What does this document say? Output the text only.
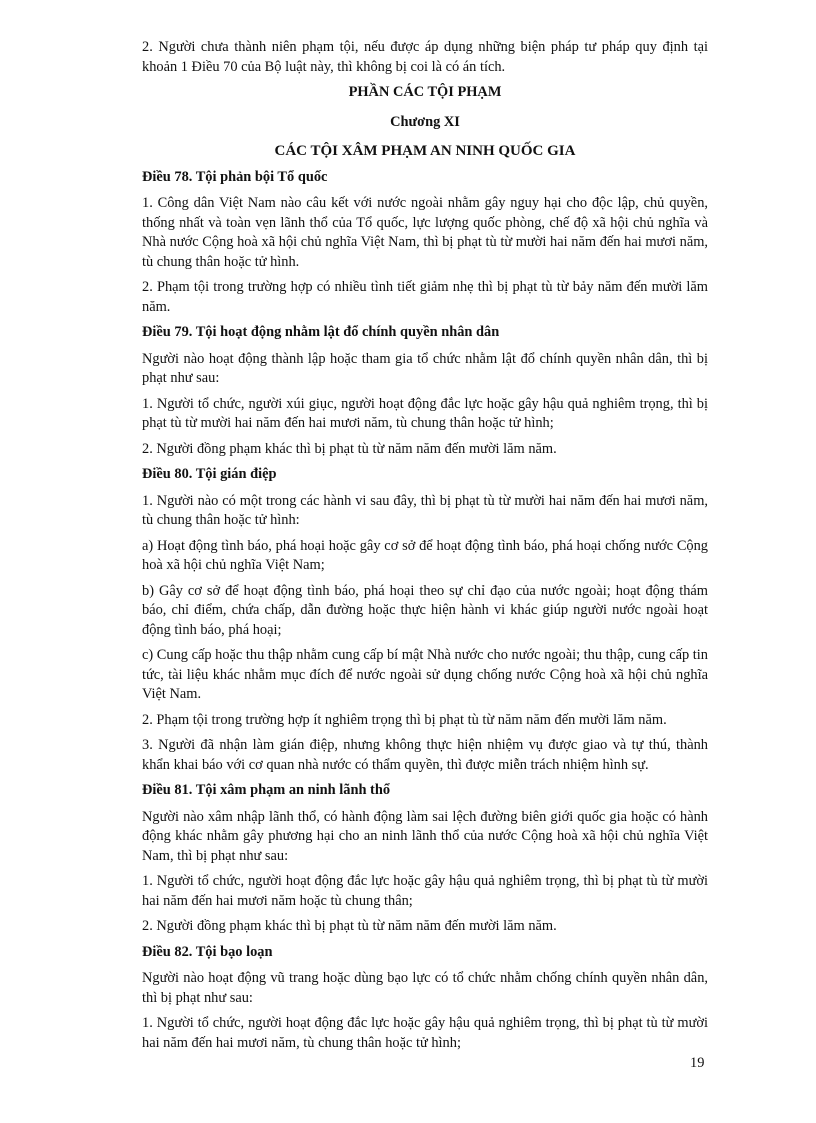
2. Người chưa thành niên phạm tội, nếu được áp dụng những biện pháp tư pháp quy định tại khoản 1 Điều 70 của Bộ luật này, thì không bị coi là có án tích.

PHẦN CÁC TỘI PHẠM

Chương XI

CÁC TỘI XÂM PHẠM AN NINH QUỐC GIA

Điều 78. Tội phản bội Tổ quốc

1. Công dân Việt Nam nào câu kết với nước ngoài nhằm gây nguy hại cho độc lập, chủ quyền, thống nhất và toàn vẹn lãnh thổ của Tổ quốc, lực lượng quốc phòng, chế độ xã hội chủ nghĩa và Nhà nước Cộng hoà xã hội chủ nghĩa Việt Nam, thì bị phạt tù từ mười hai năm đến hai mươi năm, tù chung thân hoặc tử hình.

2. Phạm tội trong trường hợp có nhiều tình tiết giảm nhẹ thì bị phạt tù từ bảy năm đến mười lăm năm.

Điều 79. Tội hoạt động nhằm lật đổ chính quyền nhân dân

Người nào hoạt động thành lập hoặc tham gia tổ chức nhằm lật đổ chính quyền nhân dân, thì bị phạt như sau:

1. Người tổ chức, người xúi giục, người hoạt động đắc lực hoặc gây hậu quả nghiêm trọng, thì bị phạt tù từ mười hai năm đến hai mươi năm, tù chung thân hoặc tử hình;

2. Người đồng phạm khác thì bị phạt tù từ năm năm đến mười lăm năm.

Điều 80. Tội gián điệp

1. Người nào có một trong các hành vi sau đây, thì bị phạt tù từ mười hai năm đến hai mươi năm, tù chung thân hoặc tử hình:

a) Hoạt động tình báo, phá hoại hoặc gây cơ sở để hoạt động tình báo, phá hoại chống nước Cộng hoà xã hội chủ nghĩa Việt Nam;

b) Gây cơ sở để hoạt động tình báo, phá hoại theo sự chỉ đạo của nước ngoài; hoạt động thám báo, chỉ điểm, chứa chấp, dẫn đường hoặc thực hiện hành vi khác giúp người nước ngoài hoạt động tình báo, phá hoại;

c) Cung cấp hoặc thu thập nhằm cung cấp bí mật Nhà nước cho nước ngoài; thu thập, cung cấp tin tức, tài liệu khác nhằm mục đích để nước ngoài sử dụng chống nước Cộng hoà xã hội chủ nghĩa Việt Nam.

2. Phạm tội trong trường hợp ít nghiêm trọng thì bị phạt tù từ năm năm đến mười lăm năm.

3. Người đã nhận làm gián điệp, nhưng không thực hiện nhiệm vụ được giao và tự thú, thành khẩn khai báo với cơ quan nhà nước có thẩm quyền, thì được miễn trách nhiệm hình sự.

Điều 81. Tội xâm phạm an ninh lãnh thổ

Người nào xâm nhập lãnh thổ, có hành động làm sai lệch đường biên giới quốc gia hoặc có hành động khác nhằm gây phương hại cho an ninh lãnh thổ của nước Cộng hoà xã hội chủ nghĩa Việt Nam, thì bị phạt như sau:

1. Người tổ chức, người hoạt động đắc lực hoặc gây hậu quả nghiêm trọng, thì bị phạt tù từ mười hai năm đến hai mươi năm hoặc tù chung thân;

2. Người đồng phạm khác thì bị phạt tù từ năm năm đến mười lăm năm.

Điều 82. Tội bạo loạn

Người nào hoạt động vũ trang hoặc dùng bạo lực có tổ chức nhằm chống chính quyền nhân dân, thì bị phạt như sau:

1. Người tổ chức, người hoạt động đắc lực hoặc gây hậu quả nghiêm trọng, thì bị phạt tù từ mười hai năm đến hai mươi năm, tù chung thân hoặc tử hình;

19
